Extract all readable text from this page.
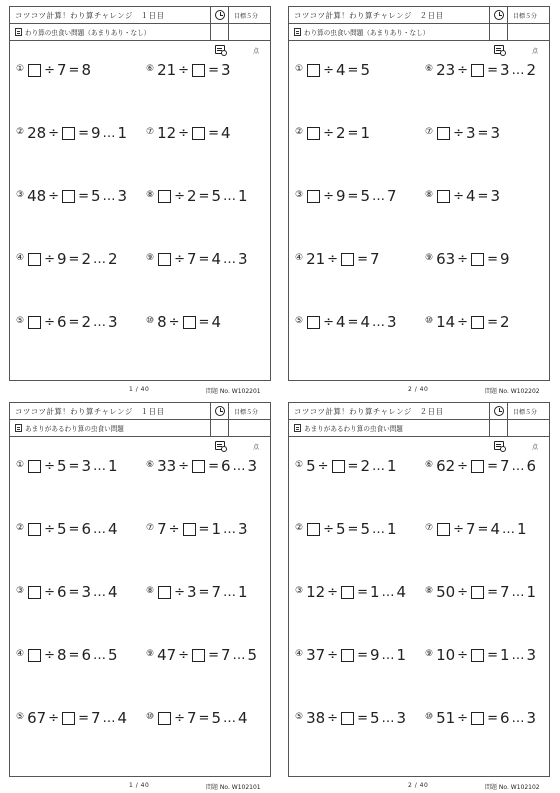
コツコツ計算！わり算チャレンジ　１日目	目標５分
わり算の虫食い問題（あまりあり・なし）
点
① ÷ 7 = 8
② 28 ÷ = 9 … 1
③ 48 ÷ = 5 … 3
④ ÷ 9 = 2 … 2
⑤ ÷ 6 = 2 … 3
⑥ 21 ÷ = 3
⑦ 12 ÷ = 4
⑧ ÷ 2 = 5 … 1
⑨ ÷ 7 = 4 … 3
⑩ 8 ÷ = 4
1 / 40	問題 No. W102201
コツコツ計算！わり算チャレンジ　２日目	目標５分
わり算の虫食い問題（あまりあり・なし）
点
① ÷ 4 = 5
② ÷ 2 = 1
③ ÷ 9 = 5 … 7
④ 21 ÷ = 7
⑤ ÷ 4 = 4 … 3
⑥ 23 ÷ = 3 … 2
⑦ ÷ 3 = 3
⑧ ÷ 4 = 3
⑨ 63 ÷ = 9
⑩ 14 ÷ = 2
2 / 40	問題 No. W102202
コツコツ計算！わり算チャレンジ　１日目	目標５分
あまりがあるわり算の虫食い問題
点
① ÷ 5 = 3 … 1
② ÷ 5 = 6 … 4
③ ÷ 6 = 3 … 4
④ ÷ 8 = 6 … 5
⑤ 67 ÷ = 7 … 4
⑥ 33 ÷ = 6 … 3
⑦ 7 ÷ = 1 … 3
⑧ ÷ 3 = 7 … 1
⑨ 47 ÷ = 7 … 5
⑩ ÷ 7 = 5 … 4
1 / 40	問題 No. W102101
コツコツ計算！わり算チャレンジ　２日目	目標５分
あまりがあるわり算の虫食い問題
点
① 5 ÷ = 2 … 1
② ÷ 5 = 5 … 1
③ 12 ÷ = 1 … 4
④ 37 ÷ = 9 … 1
⑤ 38 ÷ = 5 … 3
⑥ 62 ÷ = 7 … 6
⑦ ÷ 7 = 4 … 1
⑧ 50 ÷ = 7 … 1
⑨ 10 ÷ = 1 … 3
⑩ 51 ÷ = 6 … 3
2 / 40	問題 No. W102102
